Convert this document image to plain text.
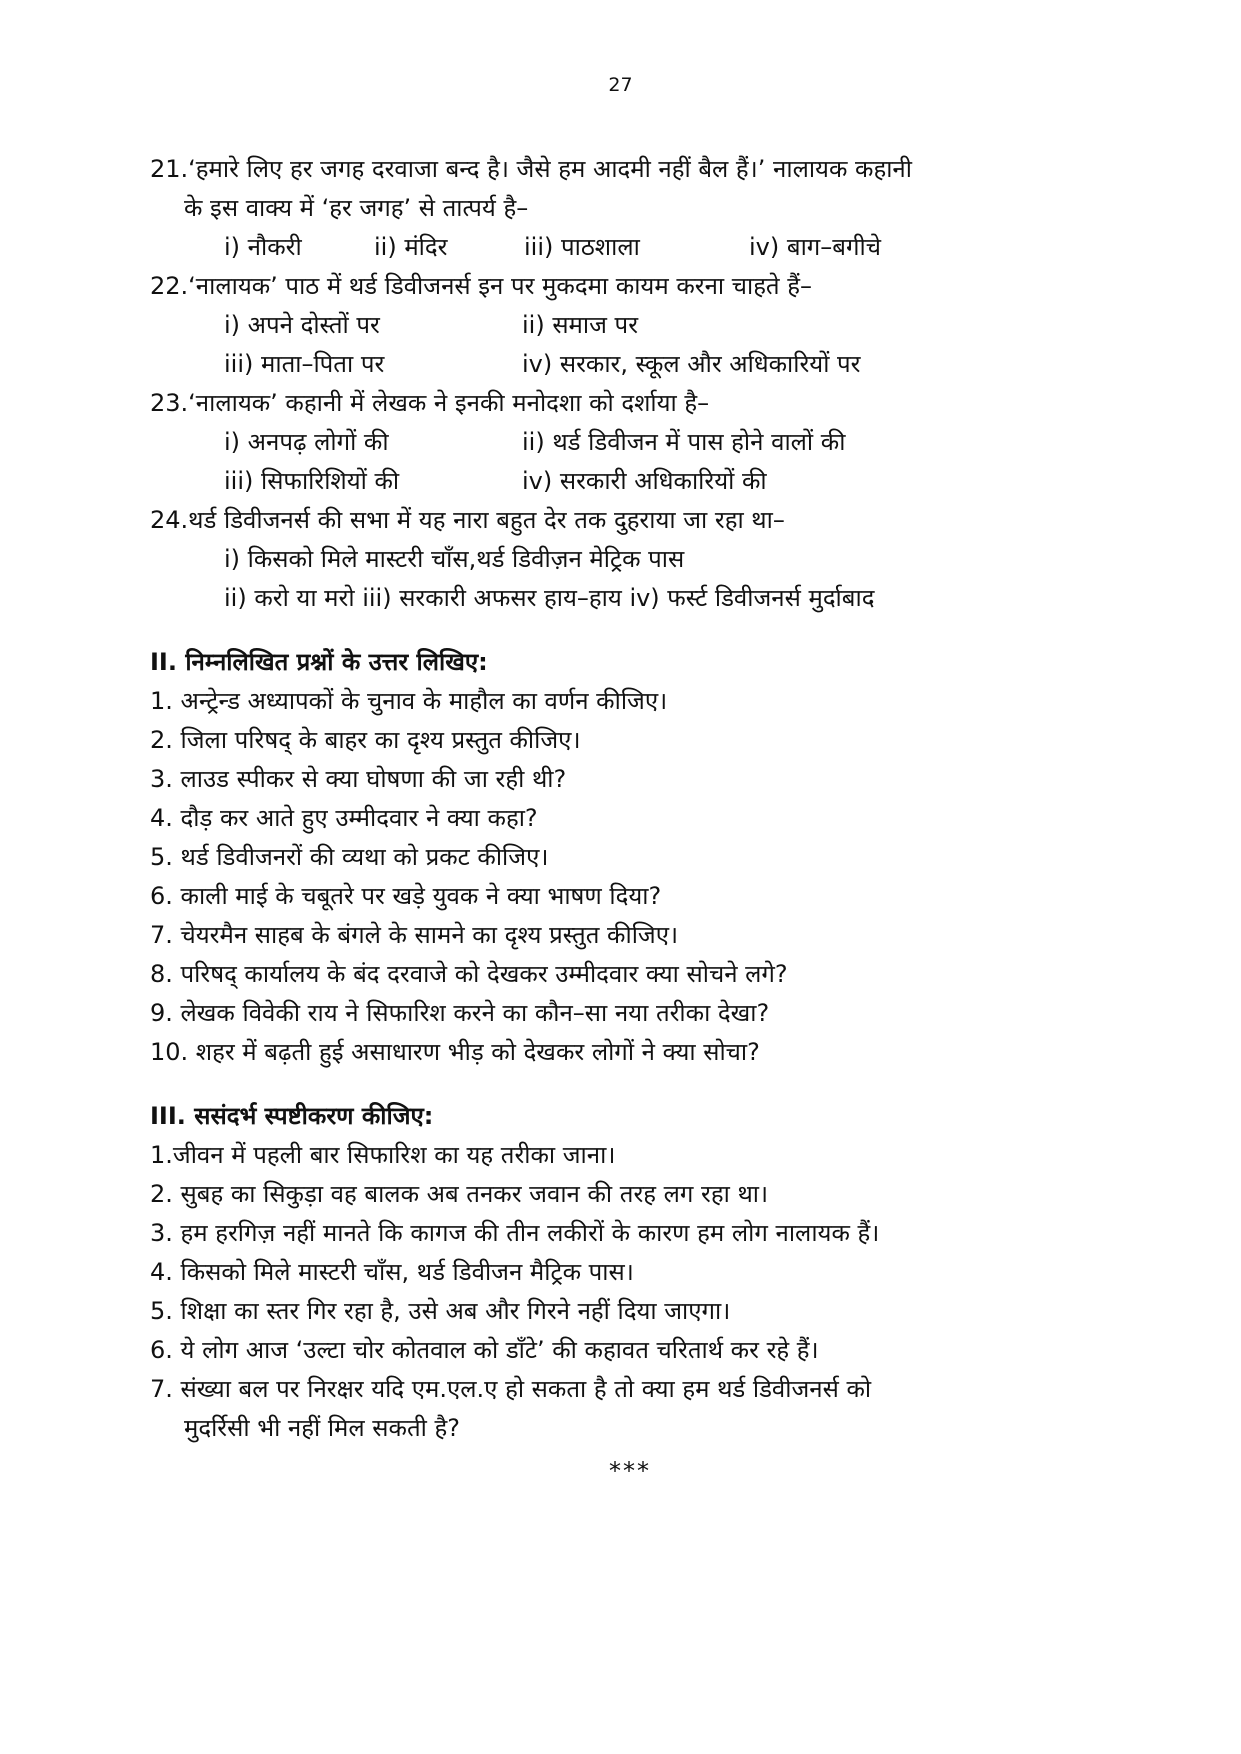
27
21.‘हमारे लिए हर जगह दरवाजा बन्द है। जैसे हम आदमी नहीं बैल हैं।’ नालायक कहानी
के इस वाक्य में ‘हर जगह’ से तात्पर्य है–
i) नौकरी	ii) मंदिर	iii) पाठशाला	iv) बाग–बगीचे
22.‘नालायक’ पाठ में थर्ड डिवीजनर्स इन पर मुकदमा कायम करना चाहते हैं–
i) अपने दोस्तों पर	ii) समाज पर
iii) माता–पिता पर	iv) सरकार, स्कूल और अधिकारियों पर
23.‘नालायक’ कहानी में लेखक ने इनकी मनोदशा को दर्शाया है–
i) अनपढ़ लोगों की	ii) थर्ड डिवीजन में पास होने वालों की
iii) सिफारिशियों की	iv) सरकारी अधिकारियों की
24.थर्ड डिवीजनर्स की सभा में यह नारा बहुत देर तक दुहराया जा रहा था–
i) किसको मिले मास्टरी चाँस,थर्ड डिवीज़न मेट्रिक पास
ii) करो या मरो iii) सरकारी अफसर हाय–हाय iv) फर्स्ट डिवीजनर्स मुर्दाबाद
II. निम्नलिखित प्रश्नों के उत्तर लिखिए:
1. अन्ट्रेन्ड अध्यापकों के चुनाव के माहौल का वर्णन कीजिए।
2. जिला परिषद् के बाहर का दृश्य प्रस्तुत कीजिए।
3. लाउड स्पीकर से क्या घोषणा की जा रही थी?
4. दौड़ कर आते हुए उम्मीदवार ने क्या कहा?
5. थर्ड डिवीजनरों की व्यथा को प्रकट कीजिए।
6. काली माई के चबूतरे पर खड़े युवक ने क्या भाषण दिया?
7. चेयरमैन साहब के बंगले के सामने का दृश्य प्रस्तुत कीजिए।
8. परिषद् कार्यालय के बंद दरवाजे को देखकर उम्मीदवार क्या सोचने लगे?
9. लेखक विवेकी राय ने सिफारिश करने का कौन–सा नया तरीका देखा?
10. शहर में बढ़ती हुई असाधारण भीड़ को देखकर लोगों ने क्या सोचा?
III. ससंदर्भ स्पष्टीकरण कीजिए:
1.जीवन में पहली बार सिफारिश का यह तरीका जाना।
2. सुबह का सिकुड़ा वह बालक अब तनकर जवान की तरह लग रहा था।
3. हम हरगिज़ नहीं मानते कि कागज की तीन लकीरों के कारण हम लोग नालायक हैं।
4. किसको मिले मास्टरी चाँस, थर्ड डिवीजन मैट्रिक पास।
5. शिक्षा का स्तर गिर रहा है, उसे अब और गिरने नहीं दिया जाएगा।
6. ये लोग आज ‘उल्टा चोर कोतवाल को डाँटे’ की कहावत चरितार्थ कर रहे हैं।
7. संख्या बल पर निरक्षर यदि एम.एल.ए हो सकता है तो क्या हम थर्ड डिवीजनर्स को
मुदर्रिसी भी नहीं मिल सकती है?
***
